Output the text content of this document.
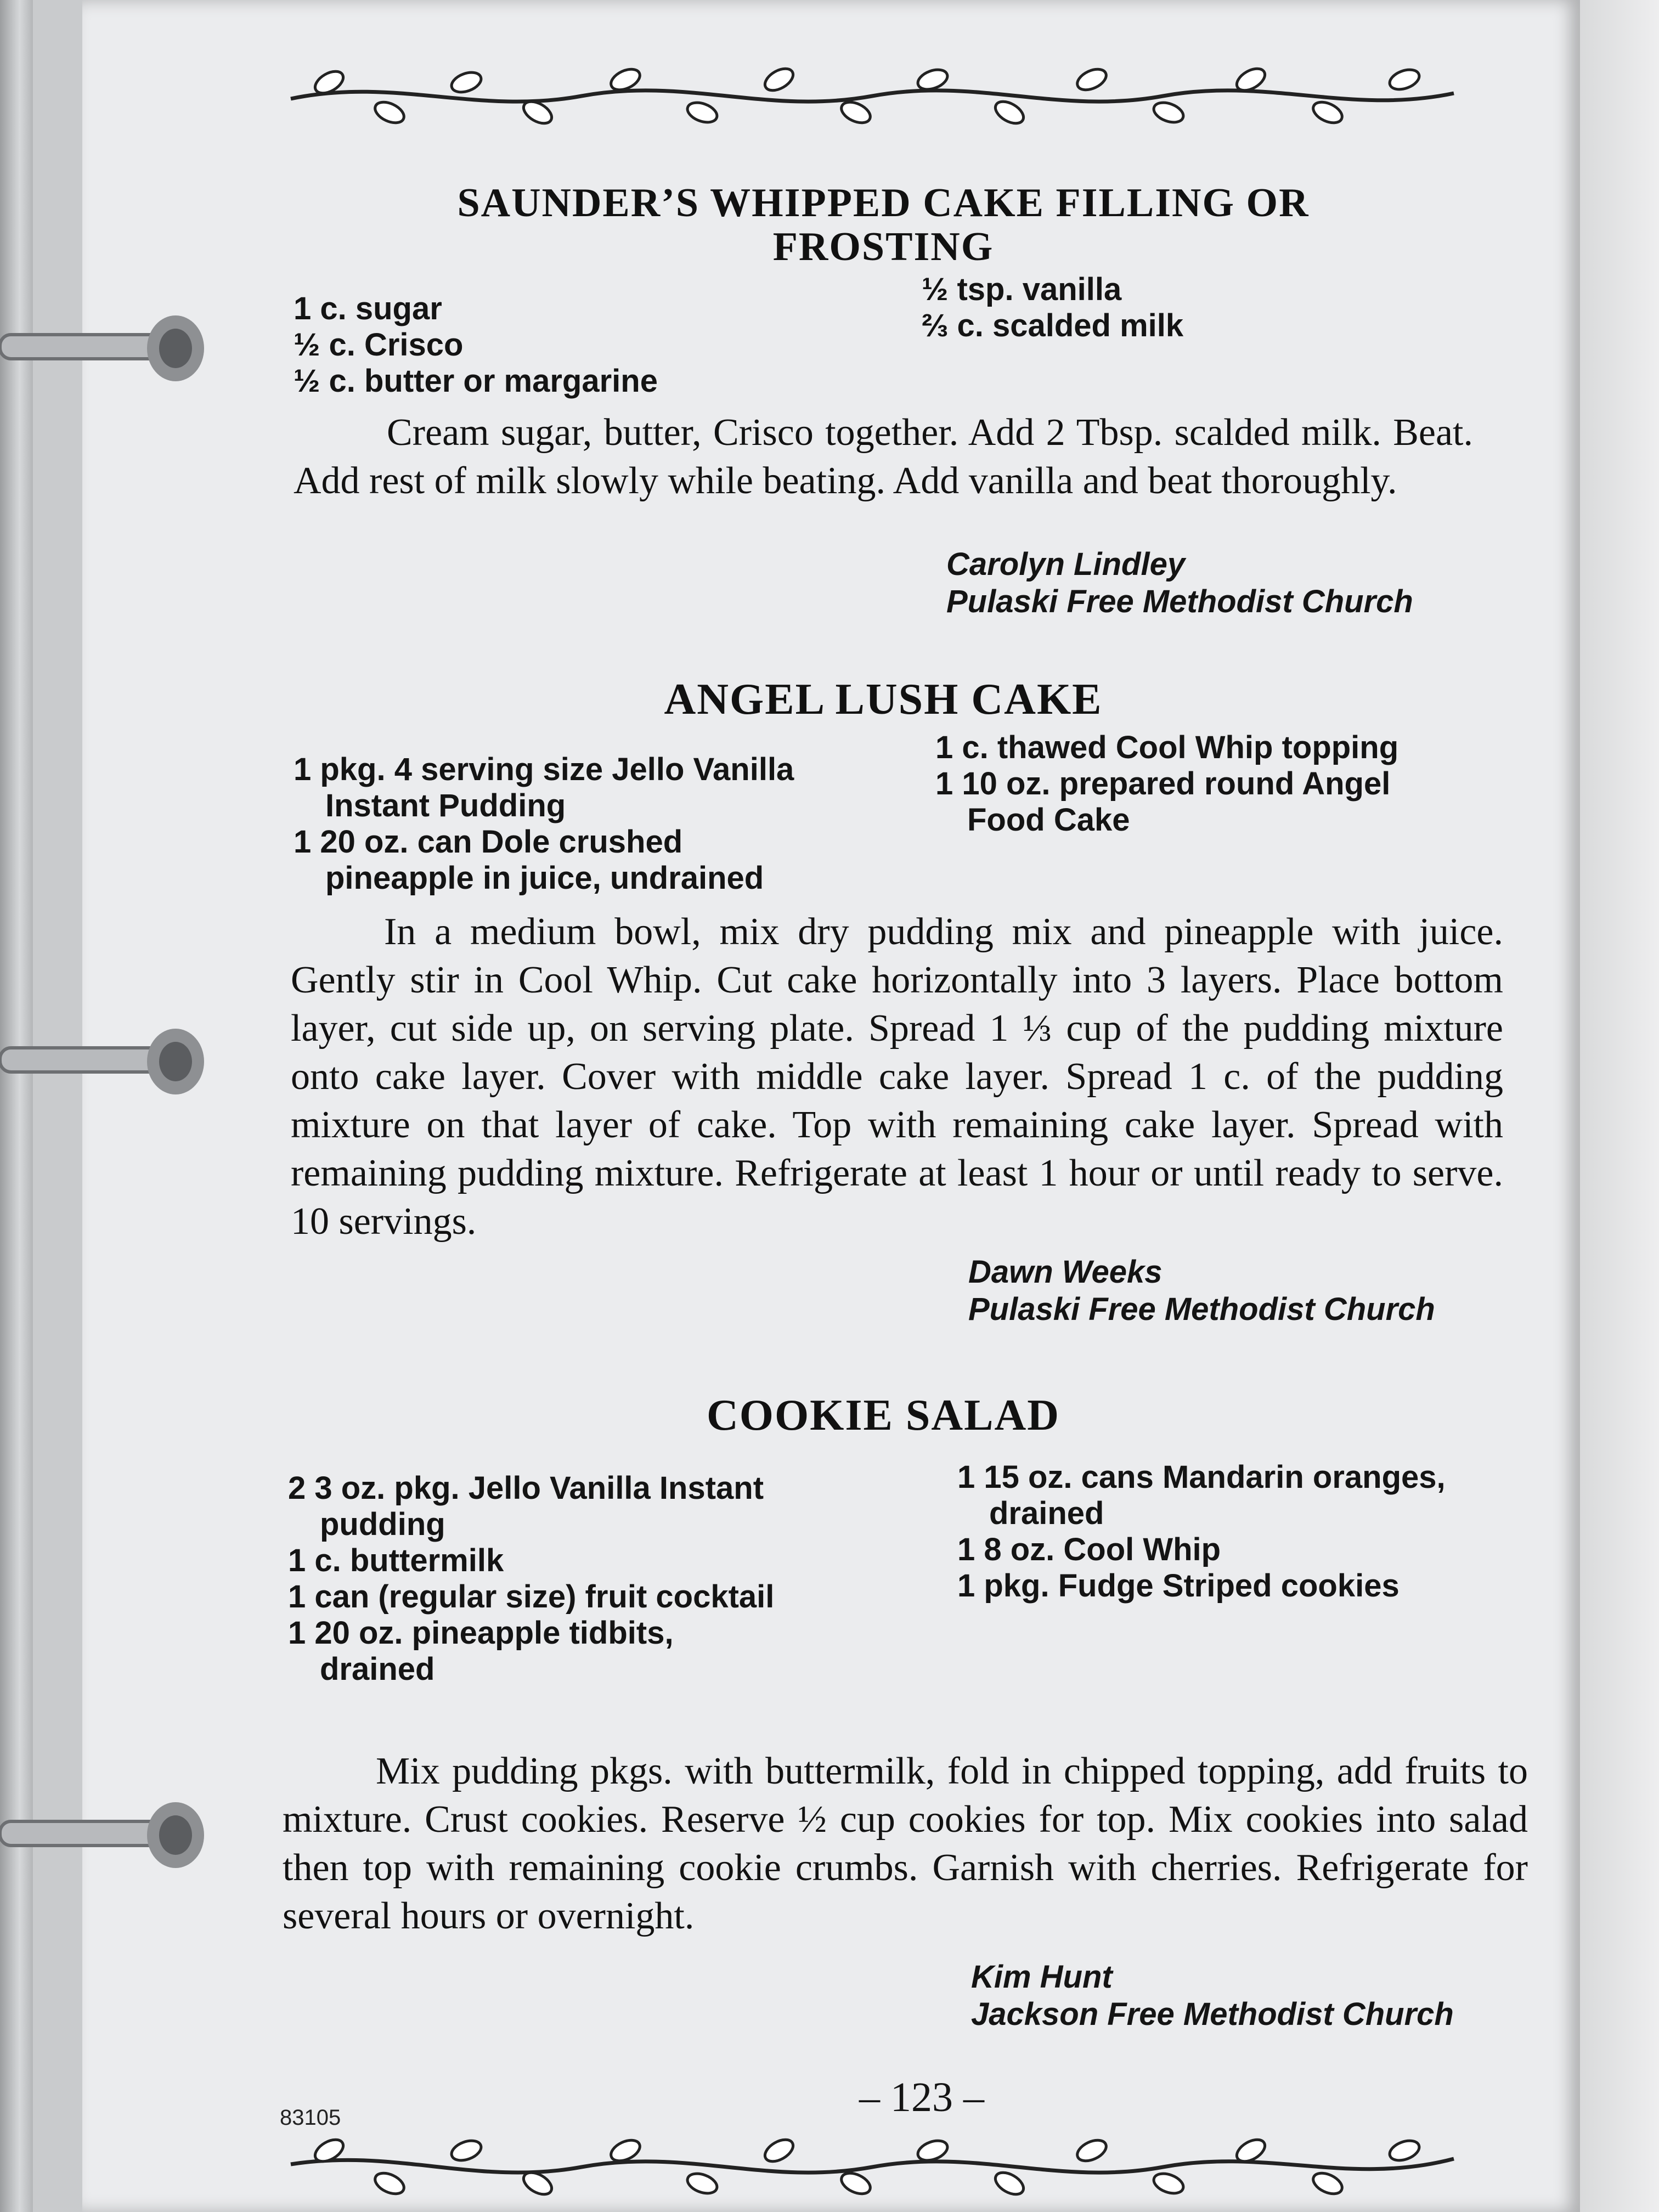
SAUNDER’S WHIPPED CAKE FILLING OR
FROSTING
1 c. sugar
½ c. Crisco
½ c. butter or margarine
½ tsp. vanilla
⅔ c. scalded milk
Cream sugar, butter, Crisco together. Add 2 Tbsp. scalded milk. Beat. Add rest of milk slowly while beating. Add vanilla and beat thoroughly.
Carolyn Lindley
Pulaski Free Methodist Church
ANGEL LUSH CAKE
1 pkg. 4 serving size Jello Vanilla
Instant Pudding
1 20 oz. can Dole crushed
pineapple in juice, undrained
1 c. thawed Cool Whip topping
1 10 oz. prepared round Angel
Food Cake
In a medium bowl, mix dry pudding mix and pineapple with juice. Gently stir in Cool Whip. Cut cake horizontally into 3 layers. Place bottom layer, cut side up, on serving plate. Spread 1 ⅓ cup of the pudding mixture onto cake layer. Cover with middle cake layer. Spread 1 c. of the pudding mixture on that layer of cake. Top with remaining cake layer. Spread with remaining pudding mixture. Refrigerate at least 1 hour or until ready to serve. 10 servings.
Dawn Weeks
Pulaski Free Methodist Church
COOKIE SALAD
2 3 oz. pkg. Jello Vanilla Instant
pudding
1 c. buttermilk
1 can (regular size) fruit cocktail
1 20 oz. pineapple tidbits,
drained
1 15 oz. cans Mandarin oranges,
drained
1 8 oz. Cool Whip
1 pkg. Fudge Striped cookies
Mix pudding pkgs. with buttermilk, fold in chipped topping, add fruits to mixture. Crust cookies. Reserve ½ cup cookies for top. Mix cookies into salad then top with remaining cookie crumbs. Garnish with cherries. Refrigerate for several hours or overnight.
Kim Hunt
Jackson Free Methodist Church
– 123 –
83105
